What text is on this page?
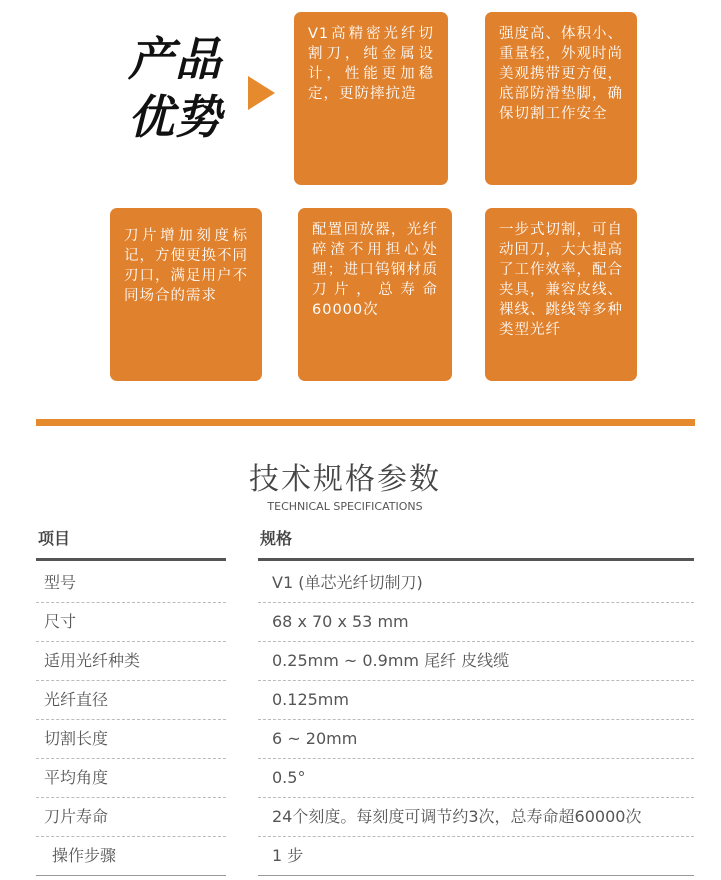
产品
优势
V1高精密光纤切割刀，纯金属设计，性能更加稳定，更防摔抗造
强度高、体积小、重量轻，外观时尚美观携带更方便，底部防滑垫脚，确保切割工作安全
刀片增加刻度标记，方便更换不同刃口，满足用户不同场合的需求
配置回放器，光纤碎渣不用担心处理；进口钨钢材质刀片，总寿命60000次
一步式切割，可自动回刀，大大提高了工作效率，配合夹具，兼容皮线、裸线、跳线等多种类型光纤
技术规格参数
TECHNICAL SPECIFICATIONS
项目	规格
型号	V1 (单芯光纤切制刀)
尺寸	68 x 70 x 53 mm
适用光纤种类	0.25mm ~ 0.9mm 尾纤 皮线缆
光纤直径	0.125mm
切割长度	6 ~ 20mm
平均角度	0.5°
刀片寿命	24个刻度。每刻度可调节约3次，总寿命超60000次
操作步骤	1 步
